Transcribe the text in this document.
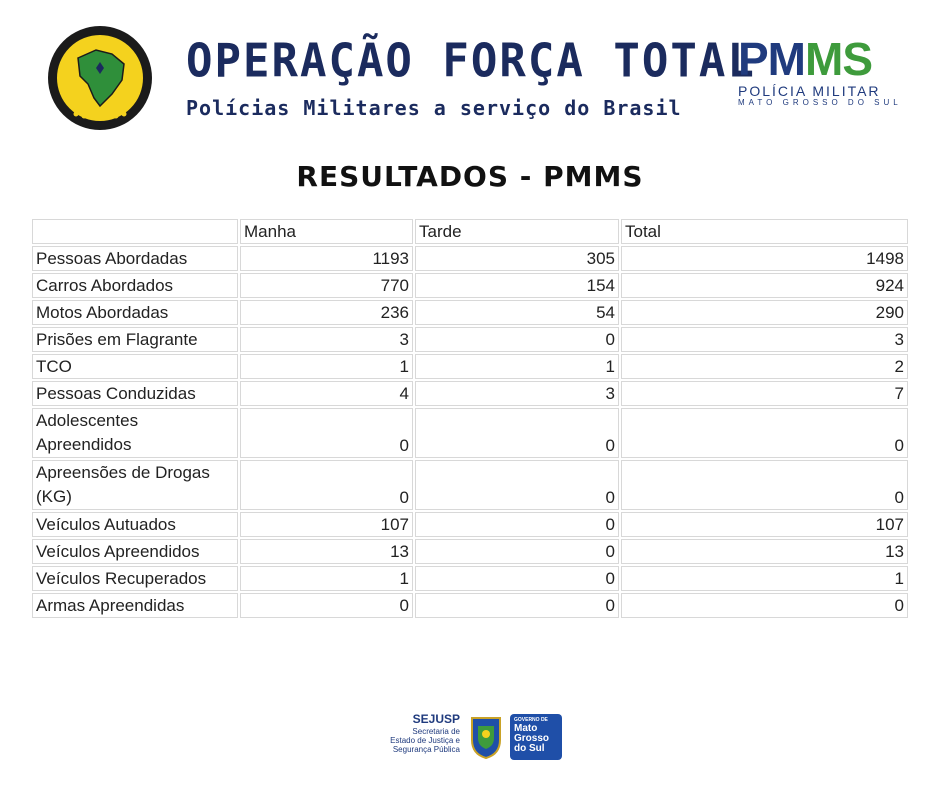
OPERAÇÃO FORÇA TOTAL
Polícias Militares a serviço do Brasil
PMMS
POLÍCIA MILITAR
MATO GROSSO DO SUL
RESULTADOS - PMMS
	Manha	Tarde	Total
Pessoas Abordadas	1193	305	1498
Carros Abordados	770	154	924
Motos Abordadas	236	54	290
Prisões em Flagrante	3	0	3
TCO	1	1	2
Pessoas Conduzidas	4	3	7
Adolescentes Apreendidos	0	0	0
Apreensões de Drogas (KG)	0	0	0
Veículos Autuados	107	0	107
Veículos Apreendidos	13	0	13
Veículos Recuperados	1	0	1
Armas Apreendidas	0	0	0
SEJUSP
Secretaria de
Estado de Justiça e
Segurança Pública
GOVERNO DE
Mato
Grosso
do Sul
